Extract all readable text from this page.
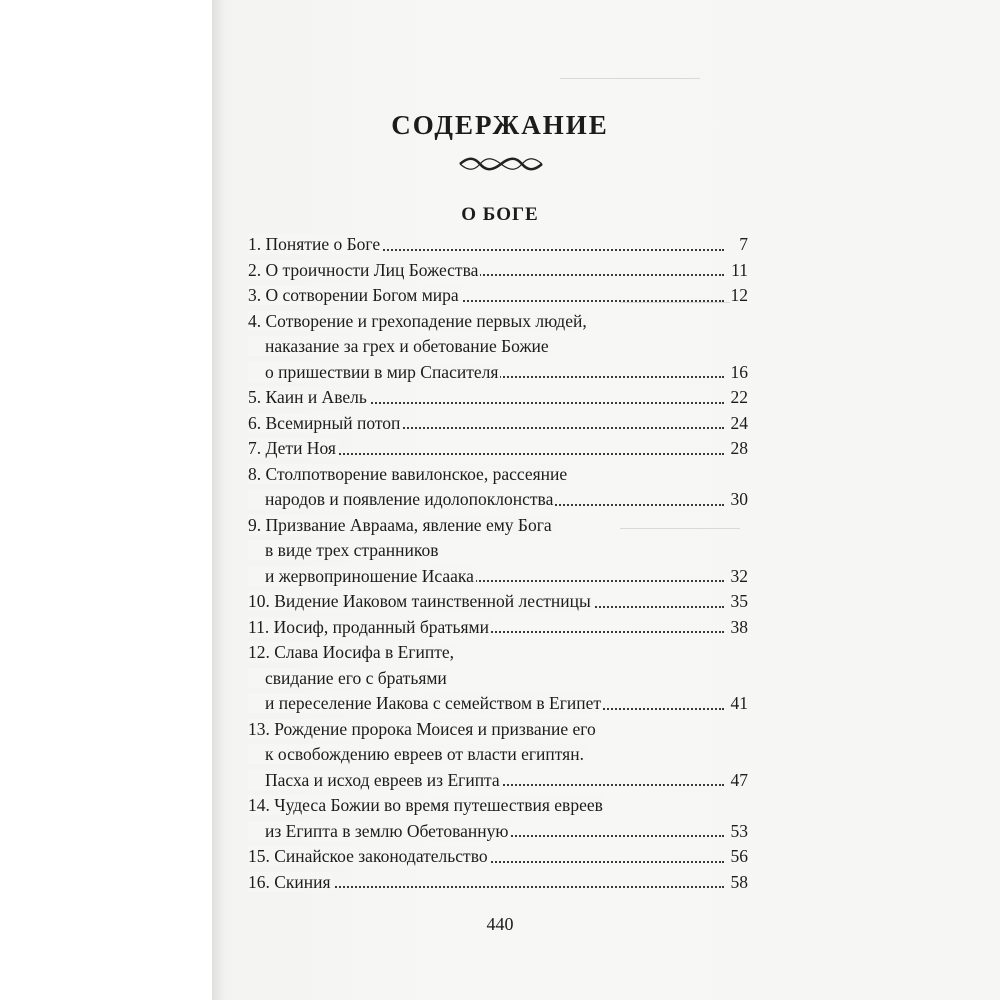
СОДЕРЖАНИЕ
О БОГЕ
1. Понятие о Боге	7
2. О троичности Лиц Божества	11
3. О сотворении Богом мира	12
4. Сотворение и грехопадение первых людей,
наказание за грех и обетование Божие
о пришествии в мир Спасителя	16
5. Каин и Авель	22
6. Всемирный потоп	24
7. Дети Ноя	28
8. Столпотворение вавилонское, рассеяние
народов и появление идолопоклонства	30
9. Призвание Авраама, явление ему Бога
в виде трех странников
и жервоприношение Исаака	32
10. Видение Иаковом таинственной лестницы	35
11. Иосиф, проданный братьями	38
12. Слава Иосифа в Египте,
свидание его с братьями
и переселение Иакова с семейством в Египет	41
13. Рождение пророка Моисея и призвание его
к освобождению евреев от власти египтян.
Пасха и исход евреев из Египта	47
14. Чудеса Божии во время путешествия евреев
из Египта в землю Обетованную	53
15. Синайское законодательство	56
16. Скиния	58
440
